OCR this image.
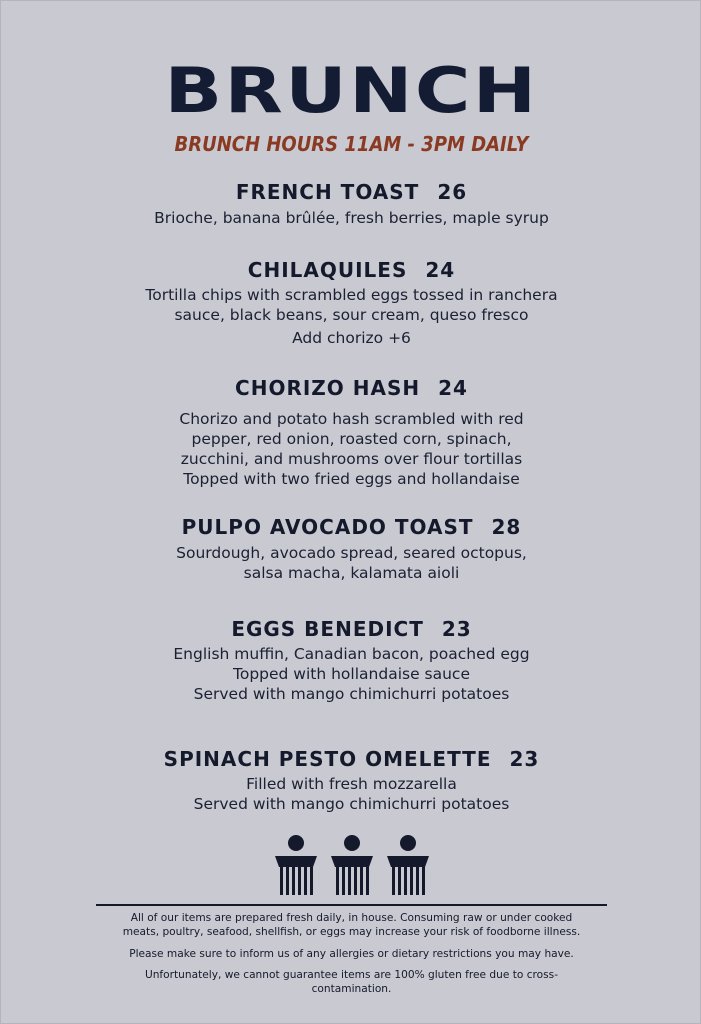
BRUNCH
BRUNCH HOURS 11AM - 3PM DAILY
FRENCH TOAST 26
Brioche, banana brûlée, fresh berries, maple syrup
CHILAQUILES 24
Tortilla chips with scrambled eggs tossed in ranchera
sauce, black beans, sour cream, queso fresco
Add chorizo +6
CHORIZO HASH 24
Chorizo and potato hash scrambled with red
pepper, red onion, roasted corn, spinach,
zucchini, and mushrooms over flour tortillas
Topped with two fried eggs and hollandaise
PULPO AVOCADO TOAST 28
Sourdough, avocado spread, seared octopus,
salsa macha, kalamata aioli
EGGS BENEDICT 23
English muffin, Canadian bacon, poached egg
Topped with hollandaise sauce
Served with mango chimichurri potatoes
SPINACH PESTO OMELETTE 23
Filled with fresh mozzarella
Served with mango chimichurri potatoes
All of our items are prepared fresh daily, in house. Consuming raw or under cooked
meats, poultry, seafood, shellfish, or eggs may increase your risk of foodborne illness.
Please make sure to inform us of any allergies or dietary restrictions you may have.
Unfortunately, we cannot guarantee items are 100% gluten free due to cross-
contamination.
